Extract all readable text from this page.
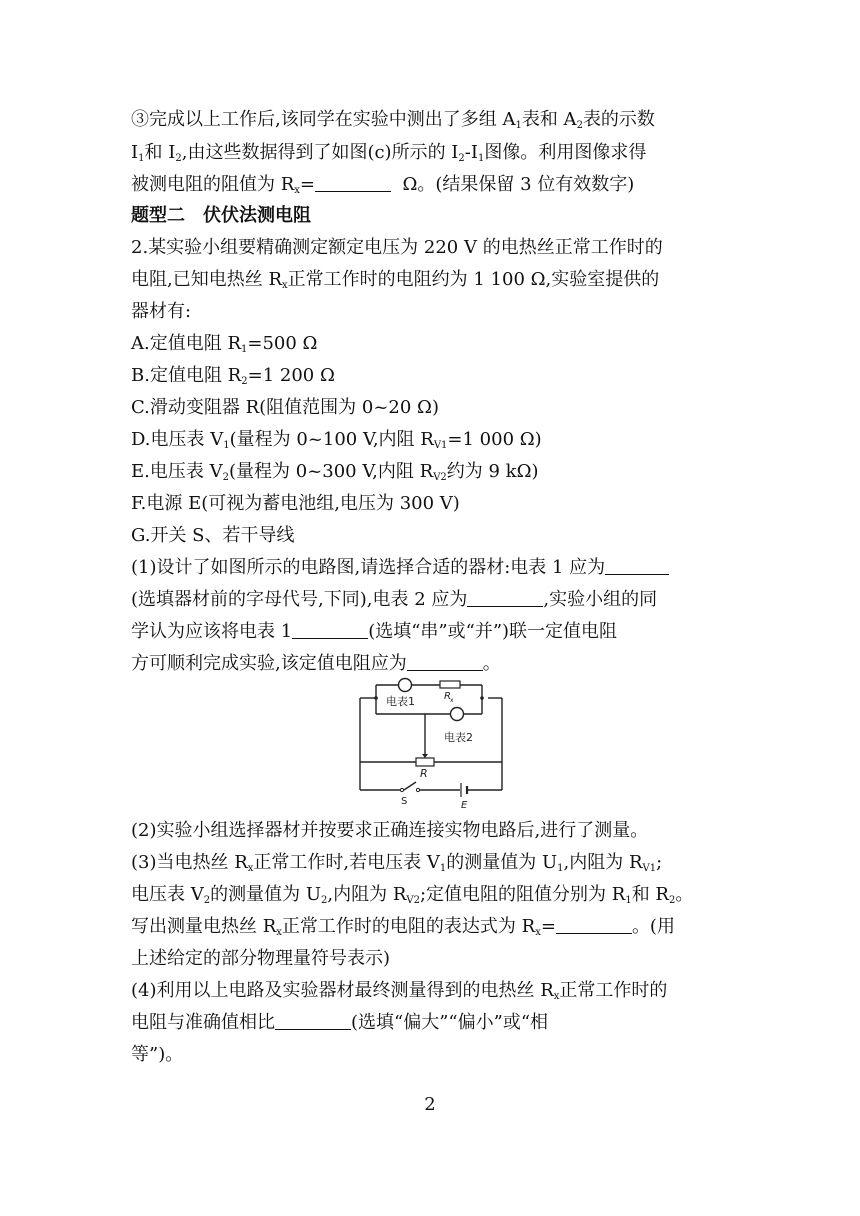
③完成以上工作后,该同学在实验中测出了多组 $A_1$表和 $A_2$表的示数
$I_1$和 $I_2$,由这些数据得到了如图(c)所示的 $I_2-I_1$图像。利用图像求得
被测电阻的阻值为 $R_x=$	Ω。(结果保留 3 位有效数字)
题型二　伏伏法测电阻
2.某实验小组要精确测定额定电压为 220 V 的电热丝正常工作时的
电阻,已知电热丝 $R_x$正常工作时的电阻约为 1 100 Ω,实验室提供的
器材有:
A.定值电阻 $R_1=500$ Ω
B.定值电阻 $R_2=1$ 200 Ω
C.滑动变阻器 R(阻值范围为 0~20 Ω)
D.电压表 $V_1$(量程为 0~100 V,内阻 $R_{V1}=1$ 000 Ω)
E.电压表 $V_2$(量程为 0~300 V,内阻 $R_{V2}$约为 9 kΩ)
F.电源 E(可视为蓄电池组,电压为 300 V)
G.开关 S、若干导线
(1)设计了如图所示的电路图,请选择合适的器材:电表 1 应为
(选填器材前的字母代号,下同),电表 2 应为	,实验小组的同
学认为应该将电表 1	(选填“串”或“并”)联一定值电阻
方可顺利完成实验,该定值电阻应为	。
电表1
电表2
R x
R
S	E
(2)实验小组选择器材并按要求正确连接实物电路后,进行了测量。
(3)当电热丝 $R_x$正常工作时,若电压表 $V_1$的测量值为 $U_1$,内阻为 $R_{V1}$;
电压表 $V_2$的测量值为 $U_2$,内阻为 $R_{V2}$;定值电阻的阻值分别为 $R_1$和 $R_2$。
写出测量电热丝 $R_x$正常工作时的电阻的表达式为 $R_x=$	。(用
上述给定的部分物理量符号表示)
(4)利用以上电路及实验器材最终测量得到的电热丝 $R_x$正常工作时的
电阻与准确值相比	(选填“偏大”“偏小”或“相
等”)。
2
